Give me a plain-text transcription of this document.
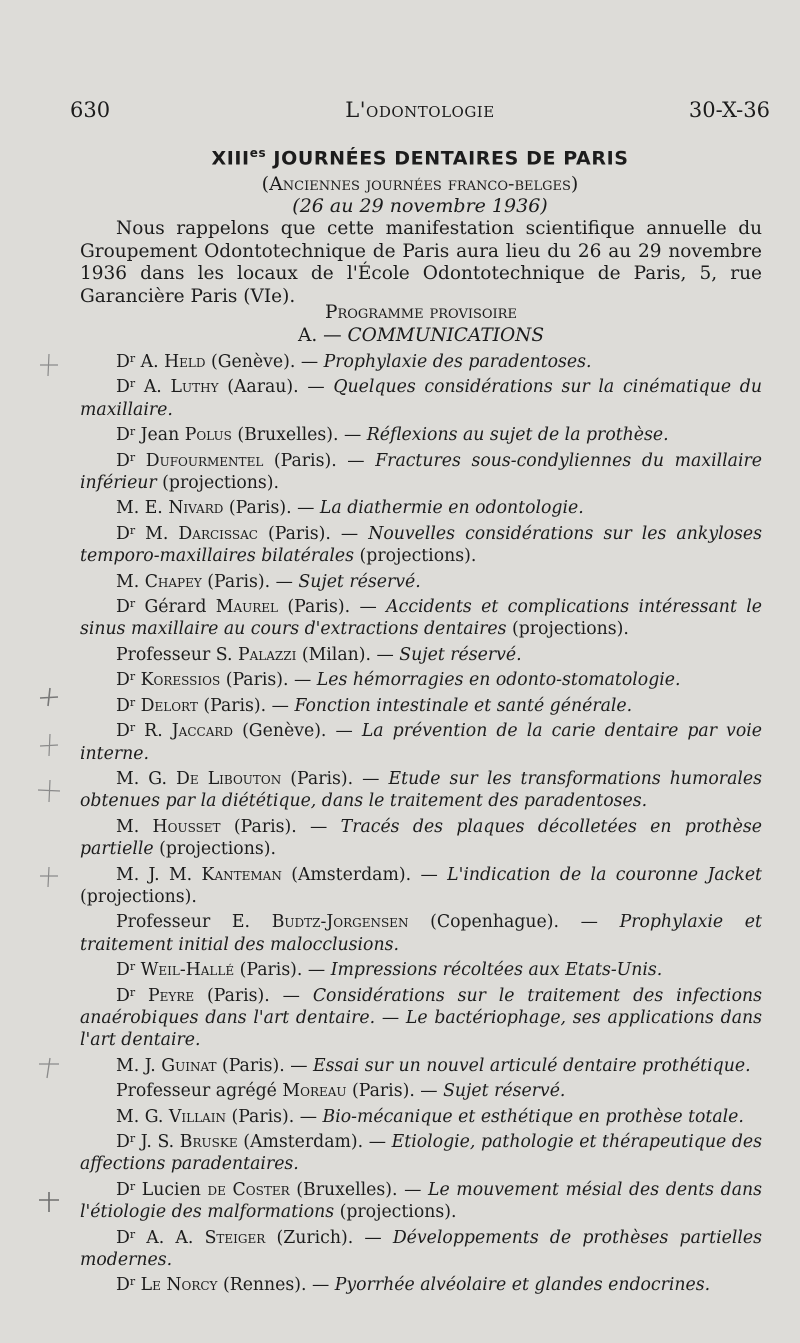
630	L'odontologie	30-X-36
$XIII^{es}$ JOURNÉES DENTAIRES DE PARIS
(Anciennes journées franco-belges)
(26 au 29 novembre 1936)
Nous rappelons que cette manifestation scientifique annuelle du Groupement Odontotechnique de Paris aura lieu du 26 au 29 novembre 1936 dans les locaux de l'École Odontotechnique de Paris, 5, rue Garancière Paris (VIe).
Programme provisoire
A. — COMMUNICATIONS
$D^r$ A. Held (Genève). — Prophylaxie des paradentoses.
$D^r$ A. Luthy (Aarau). — Quelques considérations sur la cinématique du maxillaire.
$D^r$ Jean Polus (Bruxelles). — Réflexions au sujet de la prothèse.
$D^r$ Dufourmentel (Paris). — Fractures sous-condyliennes du maxillaire inférieur (projections).
M. E. Nivard (Paris). — La diathermie en odontologie.
$D^r$ M. Darcissac (Paris). — Nouvelles considérations sur les ankyloses temporo-maxillaires bilatérales (projections).
M. Chapey (Paris). — Sujet réservé.
$D^r$ Gérard Maurel (Paris). — Accidents et complications intéressant le sinus maxillaire au cours d'extractions dentaires (projections).
Professeur S. Palazzi (Milan). — Sujet réservé.
$D^r$ Koressios (Paris). — Les hémorragies en odonto-stomatologie.
$D^r$ Delort (Paris). — Fonction intestinale et santé générale.
$D^r$ R. Jaccard (Genève). — La prévention de la carie dentaire par voie interne.
M. G. De Libouton (Paris). — Etude sur les transformations humorales obtenues par la diététique, dans le traitement des paradentoses.
M. Housset (Paris). — Tracés des plaques décolletées en prothèse partielle (projections).
M. J. M. Kanteman (Amsterdam). — L'indication de la couronne Jacket (projections).
Professeur E. Budtz-Jorgensen (Copenhague). — Prophylaxie et traitement initial des malocclusions.
$D^r$ Weil-Hallé (Paris). — Impressions récoltées aux Etats-Unis.
$D^r$ Peyre (Paris). — Considérations sur le traitement des infections anaérobiques dans l'art dentaire. — Le bactériophage, ses applications dans l'art dentaire.
M. J. Guinat (Paris). — Essai sur un nouvel articulé dentaire prothétique.
Professeur agrégé Moreau (Paris). — Sujet réservé.
M. G. Villain (Paris). — Bio-mécanique et esthétique en prothèse totale.
$D^r$ J. S. Bruske (Amsterdam). — Etiologie, pathologie et thérapeutique des affections paradentaires.
$D^r$ Lucien de Coster (Bruxelles). — Le mouvement mésial des dents dans l'étiologie des malformations (projections).
$D^r$ A. A. Steiger (Zurich). — Développements de prothèses partielles modernes.
$D^r$ Le Norcy (Rennes). — Pyorrhée alvéolaire et glandes endocrines.
